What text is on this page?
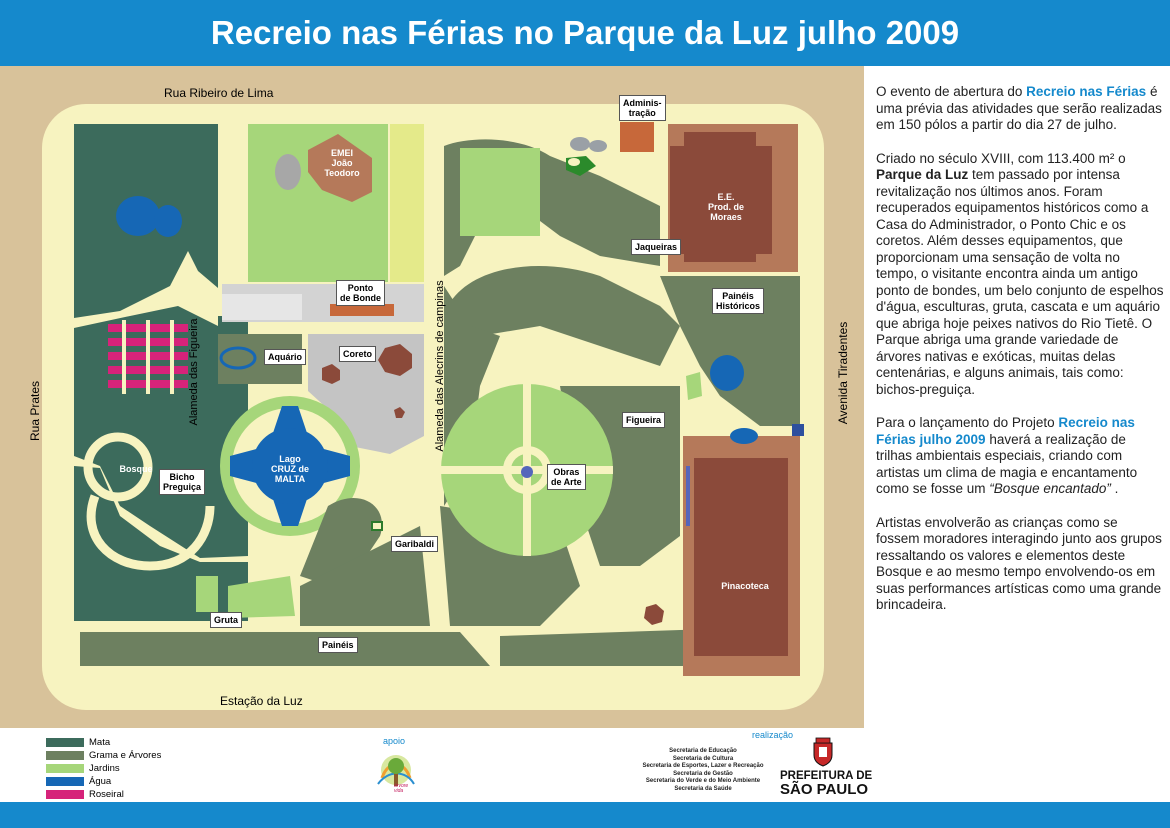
Recreio nas Férias no Parque da Luz julho 2009
Rua Ribeiro de Lima
Estação da Luz
Rua Prates	Avenida Tiradentes
Alameda das Figueira	Alameda das Alecrins de campinas
EMEI
João
Teodoro
E.E.
Prod. de
Moraes
Pinacoteca
Lago
CRUZ de
MALTA
Bosque
Adminis-
tração
Jaqueiras
Painéis
Históricos
Ponto
de Bonde
Aquário	Coreto
Figueira
Obras
de Arte
Bicho
Preguiça
Garibaldi
Gruta
Painéis

O evento de abertura do Recreio nas Férias é uma prévia das atividades que serão realizadas em 150 pólos a partir do dia 27 de julho.

Criado no século XVIII, com 113.400 m² o Parque da Luz tem passado por intensa revitalização nos últimos anos. Foram recuperados equipamentos históricos como a Casa do Administrador, o Ponto Chic e os coretos. Além desses equipamentos, que proporcionam uma sensação de volta no tempo, o visitante encontra ainda um antigo ponto de bondes, um belo conjunto de espelhos d'água, esculturas, gruta, cascata e um aquário que abriga hoje peixes nativos do Rio Tietê. O Parque abriga uma grande variedade de árvores nativas e exóticas, muitas delas centenárias, e alguns animais, tais como: bichos-preguiça.

Para o lançamento do Projeto Recreio nas Férias julho 2009 haverá a realização de trilhas ambientais especiais, criando com artistas um clima de magia e encantamento como se fosse um “Bosque encantado” .

Artistas envolverão as crianças como se fossem moradores interagindo junto aos grupos ressaltando os valores e elementos deste Bosque e ao mesmo tempo envolvendo-os em suas performances artísticas como uma grande brincadeira.

Mata
Grama e Árvores
Jardins
Água
Roseiral
apoio
árvore
vida
realização
Secretaria de Educação
Secretaria de Cultura
Secretaria de Esportes, Lazer e Recreação
Secretaria de Gestão
Secretaria do Verde e do Meio Ambiente
Secretaria da Saúde
PREFEITURA DE
SÃO PAULO
